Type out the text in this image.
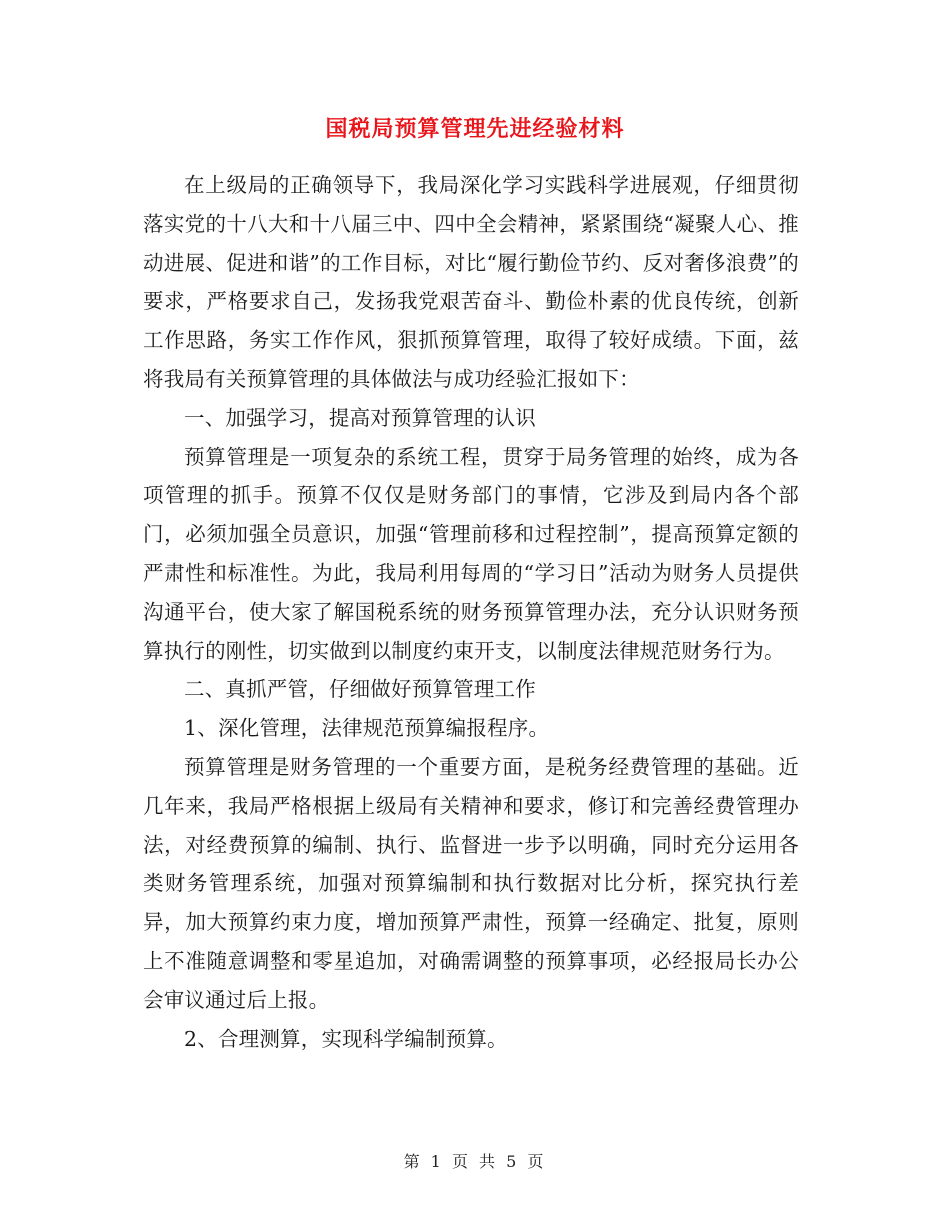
国税局预算管理先进经验材料

在上级局的正确领导下，我局深化学习实践科学进展观，仔细贯彻落实党的十八大和十八届三中、四中全会精神，紧紧围绕“凝聚人心、推动进展、促进和谐”的工作目标，对比“履行勤俭节约、反对奢侈浪费”的要求，严格要求自己，发扬我党艰苦奋斗、勤俭朴素的优良传统，创新工作思路，务实工作作风，狠抓预算管理，取得了较好成绩。下面，兹将我局有关预算管理的具体做法与成功经验汇报如下：

一、加强学习，提高对预算管理的认识

预算管理是一项复杂的系统工程，贯穿于局务管理的始终，成为各项管理的抓手。预算不仅仅是财务部门的事情，它涉及到局内各个部门，必须加强全员意识，加强“管理前移和过程控制”，提高预算定额的严肃性和标准性。为此，我局利用每周的“学习日”活动为财务人员提供沟通平台，使大家了解国税系统的财务预算管理办法，充分认识财务预算执行的刚性，切实做到以制度约束开支，以制度法律规范财务行为。

二、真抓严管，仔细做好预算管理工作

1、深化管理，法律规范预算编报程序。

预算管理是财务管理的一个重要方面，是税务经费管理的基础。近几年来，我局严格根据上级局有关精神和要求，修订和完善经费管理办法，对经费预算的编制、执行、监督进一步予以明确，同时充分运用各类财务管理系统，加强对预算编制和执行数据对比分析，探究执行差异，加大预算约束力度，增加预算严肃性，预算一经确定、批复，原则上不准随意调整和零星追加，对确需调整的预算事项，必经报局长办公会审议通过后上报。

2、合理测算，实现科学编制预算。

第 1 页 共 5 页
